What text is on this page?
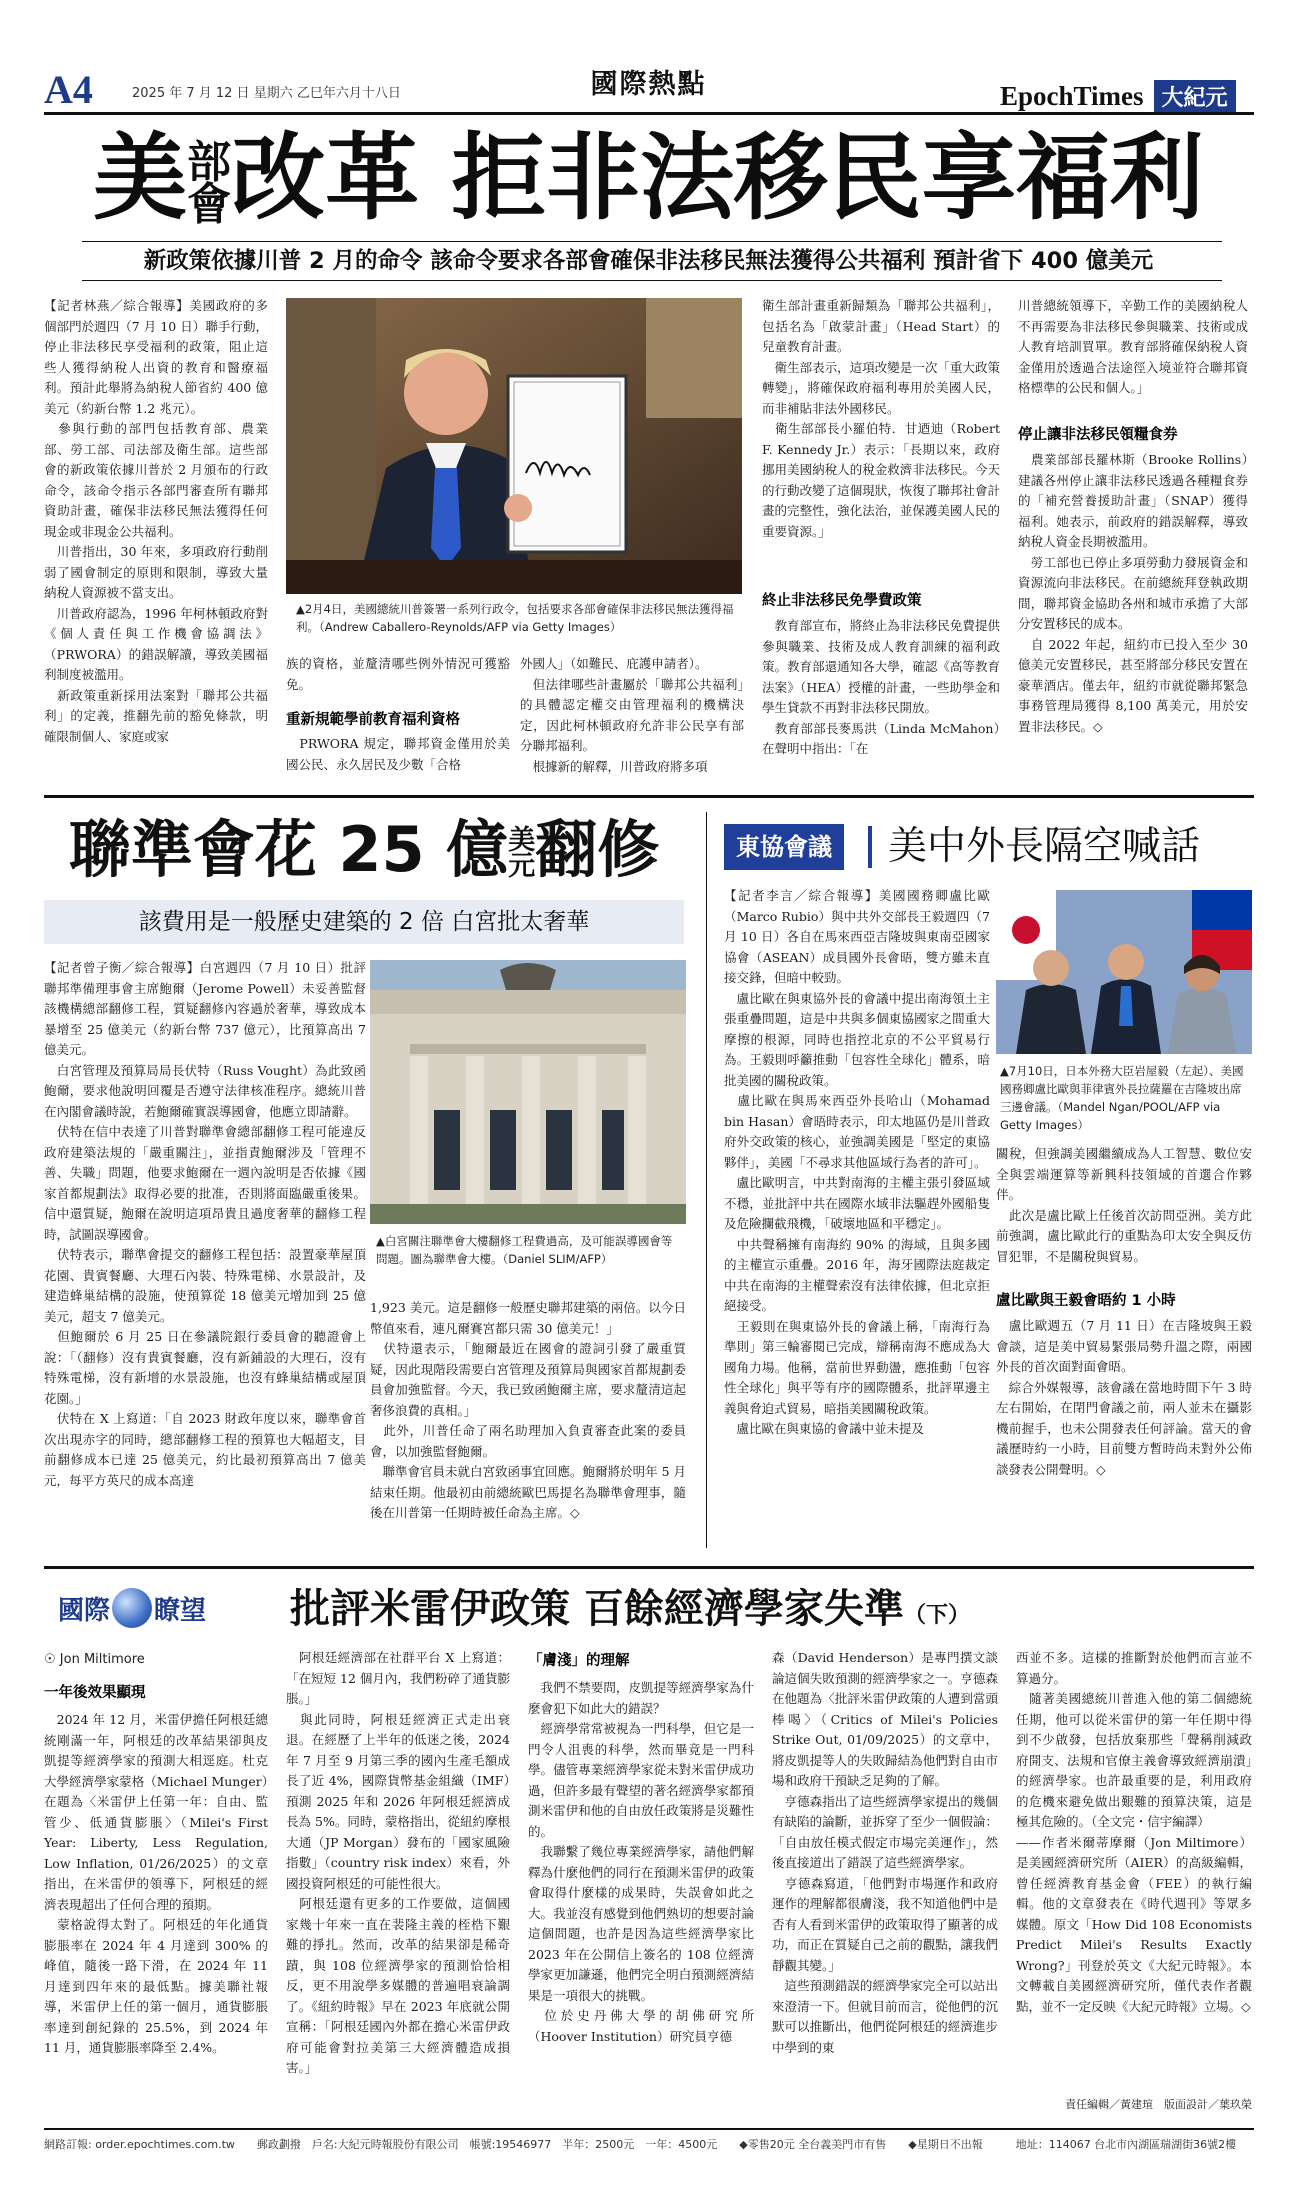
A4	2025 年 7 月 12 日 星期六 乙巳年六月十八日	國際熱點	EpochTimes 大紀元
美 部
會 改革 拒非法移民享福利
新政策依據川普 2 月的命令 該命令要求各部會確保非法移民無法獲得公共福利 預計省下 400 億美元
【記者林燕／綜合報導】美國政府的多個部門於週四（7 月 10 日）聯手行動，停止非法移民享受福利的政策，阻止這些人獲得納稅人出資的教育和醫療福利。預計此舉將為納稅人節省約 400 億美元（約新台幣 1.2 兆元）。
　參與行動的部門包括教育部、農業部、勞工部、司法部及衛生部。這些部會的新政策依據川普於 2 月頒布的行政命令，該命令指示各部門審查所有聯邦資助計畫，確保非法移民無法獲得任何現金或非現金公共福利。
　川普指出，30 年來，多項政府行動削弱了國會制定的原則和限制，導致大量納稅人資源被不當支出。
　川普政府認為，1996 年柯林頓政府對《個人責任與工作機會協調法》（PRWORA）的錯誤解讀，導致美國福利制度被濫用。
　新政策重新採用法案對「聯邦公共福利」的定義，推翻先前的豁免條款，明確限制個人、家庭或家
▲2月4日，美國總統川普簽署一系列行政令，包括要求各部會確保非法移民無法獲得福利。（Andrew Caballero-Reynolds/AFP via Getty Images）
族的資格，並釐清哪些例外情況可獲豁免。
重新規範學前教育福利資格
　PRWORA 規定，聯邦資金僅用於美國公民、永久居民及少數「合格
外國人」（如難民、庇護申請者）。
　但法律哪些計畫屬於「聯邦公共福利」的具體認定權交由管理福利的機構決定，因此柯林頓政府允許非公民享有部分聯邦福利。
　根據新的解釋，川普政府將多項
衛生部計畫重新歸類為「聯邦公共福利」，包括名為「啟蒙計畫」（Head Start）的兒童教育計畫。
　衛生部表示，這項改變是一次「重大政策轉變」，將確保政府福利專用於美國人民，而非補貼非法外國移民。
　衛生部部長小羅伯特．甘迺迪（Robert F. Kennedy Jr.）表示：「長期以來，政府挪用美國納稅人的稅金救濟非法移民。今天的行動改變了這個現狀，恢復了聯邦社會計畫的完整性，強化法治，並保護美國人民的重要資源。」
終止非法移民免學費政策
　教育部宣布，將終止為非法移民免費提供參與職業、技術及成人教育訓練的福利政策。教育部還通知各大學，確認《高等教育法案》（HEA）授權的計畫，一些助學金和學生貸款不再對非法移民開放。
　教育部部長麥馬洪（Linda McMahon）在聲明中指出：「在
川普總統領導下，辛勤工作的美國納稅人不再需要為非法移民參與職業、技術或成人教育培訓買單。教育部將確保納稅人資金僅用於透過合法途徑入境並符合聯邦資格標準的公民和個人。」
停止讓非法移民領糧食券
　農業部部長羅林斯（Brooke Rollins）建議各州停止讓非法移民透過各種糧食券的「補充營養援助計畫」（SNAP）獲得福利。她表示，前政府的錯誤解釋，導致納稅人資金長期被濫用。
　勞工部也已停止多項勞動力發展資金和資源流向非法移民。在前總統拜登執政期間，聯邦資金協助各州和城市承擔了大部分安置移民的成本。
　自 2022 年起，紐約市已投入至少 30 億美元安置移民，甚至將部分移民安置在豪華酒店。僅去年，紐約市就從聯邦緊急事務管理局獲得 8,100 萬美元，用於安置非法移民。◇
聯準會花 25 億 美
元 翻修
該費用是一般歷史建築的 2 倍 白宮批太奢華
【記者曾子衡／綜合報導】白宮週四（7 月 10 日）批評聯邦準備理事會主席鮑爾（Jerome Powell）未妥善監督該機構總部翻修工程，質疑翻修內容過於奢華，導致成本暴增至 25 億美元（約新台幣 737 億元），比預算高出 7 億美元。
　白宮管理及預算局局長伏特（Russ Vought）為此致函鮑爾，要求他說明回覆是否遵守法律核准程序。總統川普在內閣會議時說，若鮑爾確實誤導國會，他應立即請辭。
　伏特在信中表達了川普對聯準會總部翻修工程可能違反政府建築法規的「嚴重關注」，並指責鮑爾涉及「管理不善、失職」問題，他要求鮑爾在一週內說明是否依據《國家首都規劃法》取得必要的批准，否則將面臨嚴重後果。信中還質疑，鮑爾在說明這項昂貴且過度奢華的翻修工程時，試圖誤導國會。
　伏特表示，聯準會提交的翻修工程包括：設置豪華屋頂花園、貴賓餐廳、大理石內裝、特殊電梯、水景設計，及建造蜂巢結構的設施，使預算從 18 億美元增加到 25 億美元，超支 7 億美元。
　但鮑爾於 6 月 25 日在參議院銀行委員會的聽證會上說：「（翻修）沒有貴賓餐廳，沒有新鋪設的大理石，沒有特殊電梯，沒有新增的水景設施，也沒有蜂巢結構或屋頂花園。」
　伏特在 X 上寫道：「自 2023 財政年度以來，聯準會首次出現赤字的同時，總部翻修工程的預算也大幅超支，目前翻修成本已達 25 億美元，約比最初預算高出 7 億美元，每平方英尺的成本高達
▲白宮關注聯準會大樓翻修工程費過高，及可能誤導國會等問題。圖為聯準會大樓。（Daniel SLIM/AFP）
1,923 美元。這是翻修一般歷史聯邦建築的兩倍。以今日幣值來看，連凡爾賽宮都只需 30 億美元！」
　伏特還表示，「鮑爾最近在國會的證詞引發了嚴重質疑，因此現階段需要白宮管理及預算局與國家首都規劃委員會加強監督。今天，我已致函鮑爾主席，要求釐清這起奢侈浪費的真相。」
　此外，川普任命了兩名助理加入負責審查此案的委員會，以加強監督鮑爾。
　聯準會官員未就白宮致函事宜回應。鮑爾將於明年 5 月結束任期。他最初由前總統歐巴馬提名為聯準會理事，隨後在川普第一任期時被任命為主席。◇
東協會議	美中外長隔空喊話
【記者李言／綜合報導】美國國務卿盧比歐（Marco Rubio）與中共外交部長王毅週四（7 月 10 日）各自在馬來西亞吉隆坡與東南亞國家協會（ASEAN）成員國外長會晤，雙方雖未直接交鋒，但暗中較勁。
　盧比歐在與東協外長的會議中提出南海領土主張重疊問題，這是中共與多個東協國家之間重大摩擦的根源，同時也指控北京的不公平貿易行為。王毅則呼籲推動「包容性全球化」體系，暗批美國的關稅政策。
　盧比歐在與馬來西亞外長哈山（Mohamad bin Hasan）會晤時表示，印太地區仍是川普政府外交政策的核心，並強調美國是「堅定的東協夥伴」，美國「不尋求其他區域行為者的許可」。
　盧比歐明言，中共對南海的主權主張引發區域不穩，並批評中共在國際水域非法驅趕外國船隻及危險攔截飛機，「破壞地區和平穩定」。
　中共聲稱擁有南海約 90% 的海域，且與多國的主權宣示重疊。2016 年，海牙國際法庭裁定中共在南海的主權聲索沒有法律依據，但北京拒絕接受。
　王毅則在與東協外長的會議上稱，「南海行為準則」第三輪審閱已完成，辯稱南海不應成為大國角力場。他稱，當前世界動盪，應推動「包容性全球化」與平等有序的國際體系，批評單邊主義與脅迫式貿易，暗指美國關稅政策。
　盧比歐在與東協的會議中並未提及
▲7月10日，日本外務大臣岩屋毅（左起）、美國國務卿盧比歐與菲律賓外長拉薩羅在吉隆坡出席三邊會議。（Mandel Ngan/POOL/AFP via Getty Images）
關稅，但強調美國繼續成為人工智慧、數位安全與雲端運算等新興科技領域的首選合作夥伴。
　此次是盧比歐上任後首次訪問亞洲。美方此前強調，盧比歐此行的重點為印太安全與反仿冒犯罪，不是關稅與貿易。
盧比歐與王毅會晤約 1 小時
　盧比歐週五（7 月 11 日）在吉隆坡與王毅會談，這是美中貿易緊張局勢升溫之際，兩國外長的首次面對面會晤。
　綜合外媒報導，該會議在當地時間下午 3 時左右開始，在閉門會議之前，兩人並未在攝影機前握手，也未公開發表任何評論。當天的會議歷時約一小時，目前雙方暫時尚未對外公佈談發表公開聲明。◇
國際 瞭望 批評米雷伊政策 百餘經濟學家失準（下）
☉ Jon Miltimore
一年後效果顯現
　2024 年 12 月，米雷伊擔任阿根廷總統剛滿一年，阿根廷的改革結果卻與皮凱提等經濟學家的預測大相逕庭。杜克大學經濟學家蒙格（Michael Munger）在題為〈米雷伊上任第一年：自由、監管少、低通貨膨脹〉（Milei's First Year: Liberty, Less Regulation, Low Inflation, 01/26/2025）的文章指出，在米雷伊的領導下，阿根廷的經濟表現超出了任何合理的預期。
　蒙格說得太對了。阿根廷的年化通貨膨脹率在 2024 年 4 月達到 300% 的峰值，隨後一路下滑，在 2024 年 11 月達到四年來的最低點。據美聯社報導，米雷伊上任的第一個月，通貨膨脹率達到創紀錄的 25.5%，到 2024 年 11 月，通貨膨脹率降至 2.4%。
　阿根廷經濟部在社群平台 X 上寫道：「在短短 12 個月內，我們粉碎了通貨膨脹。」
　與此同時，阿根廷經濟正式走出衰退。在經歷了上半年的低迷之後，2024 年 7 月至 9 月第三季的國內生產毛額成長了近 4%，國際貨幣基金組織（IMF）預測 2025 年和 2026 年阿根廷經濟成長為 5%。同時，蒙格指出，從紐約摩根大通（JP Morgan）發布的「國家風險指數」（country risk index）來看，外國投資阿根廷的可能性很大。
　阿根廷還有更多的工作要做，這個國家幾十年來一直在裴隆主義的桎梏下艱難的掙扎。然而，改革的結果卻是稀奇蹟，與 108 位經濟學家的預測恰恰相反，更不用說學多媒體的普遍唱衰論調了。《紐約時報》早在 2023 年底就公開宣稱：「阿根廷國內外都在擔心米雷伊政府可能會對拉美第三大經濟體造成損害。」
「膚淺」的理解
　我們不禁要問，皮凱提等經濟學家為什麼會犯下如此大的錯誤？
　經濟學常常被視為一門科學，但它是一門令人沮喪的科學，然而畢竟是一門科學。儘管專業經濟學家從未對米雷伊成功過，但許多最有聲望的著名經濟學家都預測米雷伊和他的自由放任政策將是災難性的。
　我聯繫了幾位專業經濟學家，請他們解釋為什麼他們的同行在預測米雷伊的政策會取得什麼樣的成果時，失誤會如此之大。我並沒有感覺到他們熟切的想要討論這個問題，也許是因為這些經濟學家比 2023 年在公開信上簽名的 108 位經濟學家更加謙遜，他們完全明白預測經濟結果是一項很大的挑戰。
　位於史丹佛大學的胡佛研究所（Hoover Institution）研究員亨德
森（David Henderson）是專門撰文談論這個失敗預測的經濟學家之一。亨德森在他題為〈批評米雷伊政策的人遭到當頭棒喝〉（Critics of Milei's Policies Strike Out, 01/09/2025）的文章中，將皮凱提等人的失敗歸結為他們對自由市場和政府干預缺乏足夠的了解。
　亨德森指出了這些經濟學家提出的幾個有缺陷的論斷，並拆穿了至少一個假論：「自由放任模式假定市場完美運作」，然後直接道出了錯誤了這些經濟學家。
　亨德森寫道，「他們對市場運作和政府運作的理解都很膚淺，我不知道他們中是否有人看到米雷伊的政策取得了顯著的成功，而正在質疑自己之前的觀點，讓我們靜觀其變。」
　這些預測錯誤的經濟學家完全可以站出來澄清一下。但就目前而言，從他們的沉默可以推斷出，他們從阿根廷的經濟進步中學到的東
西並不多。這樣的推斷對於他們而言並不算過分。
　隨著美國總統川普進入他的第二個總統任期，他可以從米雷伊的第一年任期中得到不少啟發，包括放棄那些「聲稱削減政府開支、法規和官僚主義會導致經濟崩潰」的經濟學家。也許最重要的是，利用政府的危機來避免做出艱難的預算決策，這是極其危險的。（全文完・信宇編譯）
——作者米爾蒂摩爾（Jon Miltimore）是美國經濟研究所（AIER）的高級編輯，曾任經濟教育基金會（FEE）的執行編輯。他的文章發表在《時代週刊》等眾多媒體。原文「How Did 108 Economists Predict Milei's Results Exactly Wrong?」刊登於英文《大紀元時報》。本文轉載自美國經濟研究所，僅代表作者觀點，並不一定反映《大紀元時報》立場。◇
責任編輯／黃建瑄　版面設計／葉玖榮
網路訂報: order.epochtimes.com.tw　　郵政劃撥　戶名:大紀元時報股份有限公司　帳號:19546977　半年：2500元　一年：4500元　　◆零售20元 全台義美門市有售　　◆星期日不出報　　　地址：114067 台北市內湖區瑞湖街36號2樓
